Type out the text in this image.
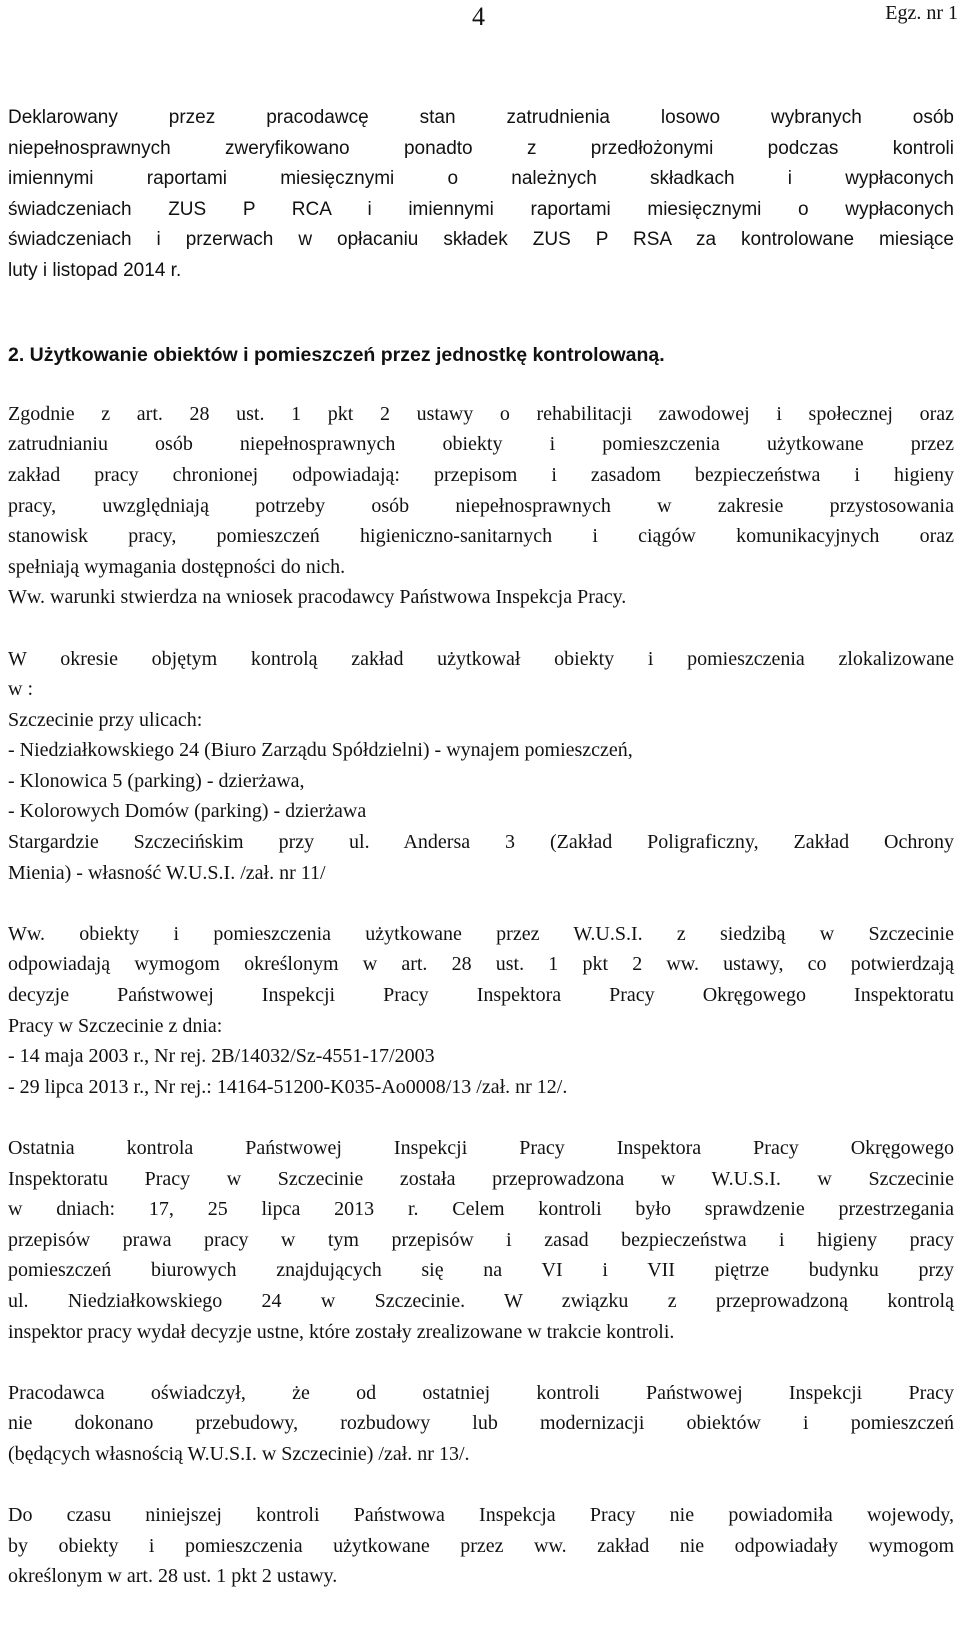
4	Egz. nr 1

Deklarowany przez pracodawcę stan zatrudnienia losowo wybranych osób

niepełnosprawnych zweryfikowano ponadto z przedłożonymi podczas kontroli

imiennymi raportami miesięcznymi o należnych składkach i wypłaconych

świadczeniach ZUS P RCA i imiennymi raportami miesięcznymi o wypłaconych

świadczeniach i przerwach w opłacaniu składek ZUS P RSA za kontrolowane miesiące

luty i listopad 2014 r.

2. Użytkowanie obiektów i pomieszczeń przez jednostkę kontrolowaną.

Zgodnie z art. 28 ust. 1 pkt 2 ustawy o rehabilitacji zawodowej i społecznej oraz

zatrudnianiu osób niepełnosprawnych obiekty i pomieszczenia użytkowane przez

zakład pracy chronionej odpowiadają: przepisom i zasadom bezpieczeństwa i higieny

pracy, uwzględniają potrzeby osób niepełnosprawnych w zakresie przystosowania

stanowisk pracy, pomieszczeń higieniczno-sanitarnych i ciągów komunikacyjnych oraz

spełniają wymagania dostępności do nich.

Ww. warunki stwierdza na wniosek pracodawcy Państwowa Inspekcja Pracy.

W okresie objętym kontrolą zakład użytkował obiekty i pomieszczenia zlokalizowane

w :

Szczecinie przy ulicach:

- Niedziałkowskiego 24 (Biuro Zarządu Spółdzielni) - wynajem pomieszczeń,

- Klonowica 5 (parking) - dzierżawa,

- Kolorowych Domów (parking) - dzierżawa

Stargardzie Szczecińskim przy ul. Andersa 3 (Zakład Poligraficzny, Zakład Ochrony

Mienia) - własność W.U.S.I. /zał. nr 11/

Ww. obiekty i pomieszczenia użytkowane przez W.U.S.I. z siedzibą w Szczecinie

odpowiadają wymogom określonym w art. 28 ust. 1 pkt 2 ww. ustawy, co potwierdzają

decyzje Państwowej Inspekcji Pracy Inspektora Pracy Okręgowego Inspektoratu

Pracy w Szczecinie z dnia:

- 14 maja 2003 r., Nr rej. 2B/14032/Sz-4551-17/2003

- 29 lipca 2013 r., Nr rej.: 14164-51200-K035-Ao0008/13 /zał. nr 12/.

Ostatnia kontrola Państwowej Inspekcji Pracy Inspektora Pracy Okręgowego

Inspektoratu Pracy w Szczecinie została przeprowadzona w W.U.S.I. w Szczecinie

w dniach: 17, 25 lipca 2013 r. Celem kontroli było sprawdzenie przestrzegania

przepisów prawa pracy w tym przepisów i zasad bezpieczeństwa i higieny pracy

pomieszczeń biurowych znajdujących się na VI i VII piętrze budynku przy

ul. Niedziałkowskiego 24 w Szczecinie. W związku z przeprowadzoną kontrolą

inspektor pracy wydał decyzje ustne, które zostały zrealizowane w trakcie kontroli.

Pracodawca oświadczył, że od ostatniej kontroli Państwowej Inspekcji Pracy

nie dokonano przebudowy, rozbudowy lub modernizacji obiektów i pomieszczeń

(będących własnością W.U.S.I. w Szczecinie) /zał. nr 13/.

Do czasu niniejszej kontroli Państwowa Inspekcja Pracy nie powiadomiła wojewody,

by obiekty i pomieszczenia użytkowane przez ww. zakład nie odpowiadały wymogom

określonym w art. 28 ust. 1 pkt 2 ustawy.
